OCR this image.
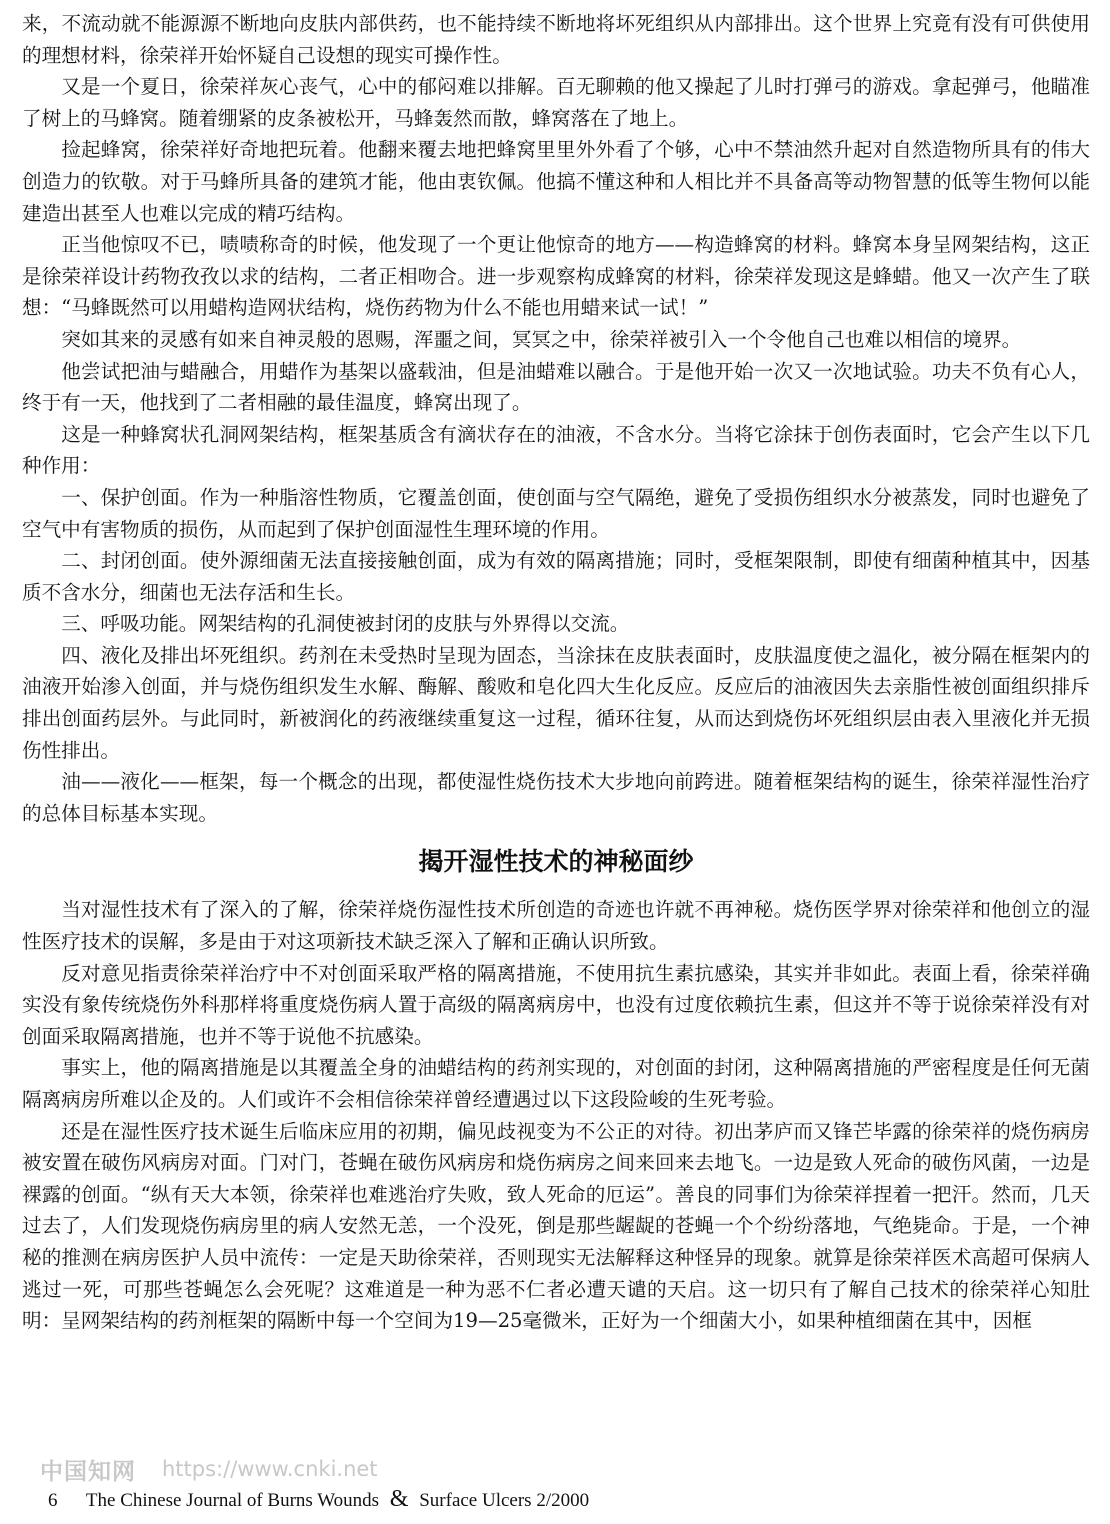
来，不流动就不能源源不断地向皮肤内部供药，也不能持续不断地将坏死组织从内部排出。这个世界上究竟有没有可供使用的理想材料，徐荣祥开始怀疑自己设想的现实可操作性。

又是一个夏日，徐荣祥灰心丧气，心中的郁闷难以排解。百无聊赖的他又操起了儿时打弹弓的游戏。拿起弹弓，他瞄准了树上的马蜂窝。随着绷紧的皮条被松开，马蜂轰然而散，蜂窝落在了地上。

捡起蜂窝，徐荣祥好奇地把玩着。他翻来覆去地把蜂窝里里外外看了个够，心中不禁油然升起对自然造物所具有的伟大创造力的钦敬。对于马蜂所具备的建筑才能，他由衷钦佩。他搞不懂这种和人相比并不具备高等动物智慧的低等生物何以能建造出甚至人也难以完成的精巧结构。

正当他惊叹不已，啧啧称奇的时候，他发现了一个更让他惊奇的地方——构造蜂窝的材料。蜂窝本身呈网架结构，这正是徐荣祥设计药物孜孜以求的结构，二者正相吻合。进一步观察构成蜂窝的材料，徐荣祥发现这是蜂蜡。他又一次产生了联想：“马蜂既然可以用蜡构造网状结构，烧伤药物为什么不能也用蜡来试一试！”

突如其来的灵感有如来自神灵般的恩赐，浑噩之间，冥冥之中，徐荣祥被引入一个令他自己也难以相信的境界。

他尝试把油与蜡融合，用蜡作为基架以盛载油，但是油蜡难以融合。于是他开始一次又一次地试验。功夫不负有心人，终于有一天，他找到了二者相融的最佳温度，蜂窝出现了。

这是一种蜂窝状孔洞网架结构，框架基质含有滴状存在的油液，不含水分。当将它涂抹于创伤表面时，它会产生以下几种作用：

一、保护创面。作为一种脂溶性物质，它覆盖创面，使创面与空气隔绝，避免了受损伤组织水分被蒸发，同时也避免了空气中有害物质的损伤，从而起到了保护创面湿性生理环境的作用。

二、封闭创面。使外源细菌无法直接接触创面，成为有效的隔离措施；同时，受框架限制，即使有细菌种植其中，因基质不含水分，细菌也无法存活和生长。

三、呼吸功能。网架结构的孔洞使被封闭的皮肤与外界得以交流。

四、液化及排出坏死组织。药剂在未受热时呈现为固态，当涂抹在皮肤表面时，皮肤温度使之温化，被分隔在框架内的油液开始渗入创面，并与烧伤组织发生水解、酶解、酸败和皂化四大生化反应。反应后的油液因失去亲脂性被创面组织排斥排出创面药层外。与此同时，新被润化的药液继续重复这一过程，循环往复，从而达到烧伤坏死组织层由表入里液化并无损伤性排出。

油——液化——框架，每一个概念的出现，都使湿性烧伤技术大步地向前跨进。随着框架结构的诞生，徐荣祥湿性治疗的总体目标基本实现。

揭开湿性技术的神秘面纱

当对湿性技术有了深入的了解，徐荣祥烧伤湿性技术所创造的奇迹也许就不再神秘。烧伤医学界对徐荣祥和他创立的湿性医疗技术的误解，多是由于对这项新技术缺乏深入了解和正确认识所致。

反对意见指责徐荣祥治疗中不对创面采取严格的隔离措施，不使用抗生素抗感染，其实并非如此。表面上看，徐荣祥确实没有象传统烧伤外科那样将重度烧伤病人置于高级的隔离病房中，也没有过度依赖抗生素，但这并不等于说徐荣祥没有对创面采取隔离措施，也并不等于说他不抗感染。

事实上，他的隔离措施是以其覆盖全身的油蜡结构的药剂实现的，对创面的封闭，这种隔离措施的严密程度是任何无菌隔离病房所难以企及的。人们或许不会相信徐荣祥曾经遭遇过以下这段险峻的生死考验。

还是在湿性医疗技术诞生后临床应用的初期，偏见歧视变为不公正的对待。初出茅庐而又锋芒毕露的徐荣祥的烧伤病房被安置在破伤风病房对面。门对门，苍蝇在破伤风病房和烧伤病房之间来回来去地飞。一边是致人死命的破伤风菌，一边是裸露的创面。“纵有天大本领，徐荣祥也难逃治疗失败，致人死命的厄运”。善良的同事们为徐荣祥捏着一把汗。然而，几天过去了，人们发现烧伤病房里的病人安然无恙，一个没死，倒是那些龌龊的苍蝇一个个纷纷落地，气绝毙命。于是，一个神秘的推测在病房医护人员中流传：一定是天助徐荣祥，否则现实无法解释这种怪异的现象。就算是徐荣祥医术高超可保病人逃过一死，可那些苍蝇怎么会死呢？这难道是一种为恶不仁者必遭天谴的天启。这一切只有了解自己技术的徐荣祥心知肚明：呈网架结构的药剂框架的隔断中每一个空间为19—25毫微米，正好为一个细菌大小，如果种植细菌在其中，因框

中国知网 https://www.cnki.net
6 The Chinese Journal of Burns Wounds & Surface Ulcers 2/2000
